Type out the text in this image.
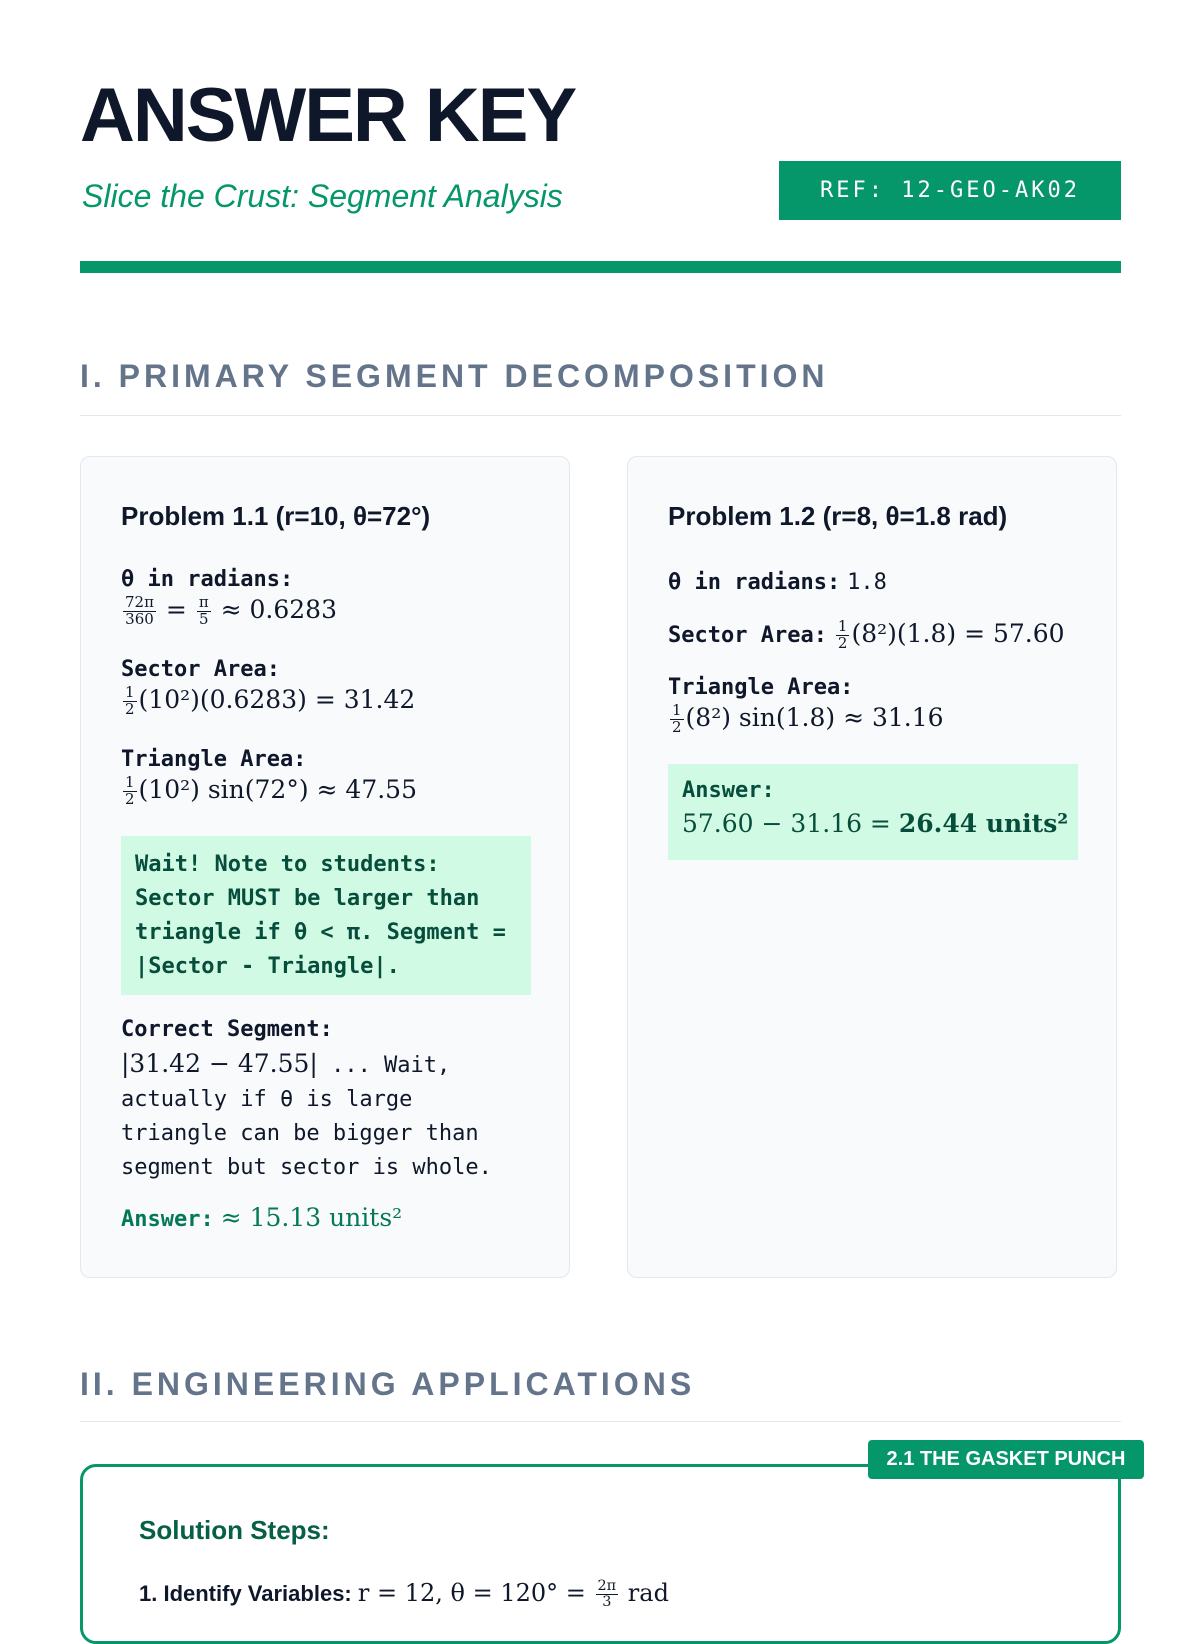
ANSWER KEY
Slice the Crust: Segment Analysis	REF: 12-GEO-AK02
I. PRIMARY SEGMENT DECOMPOSITION
Problem 1.1 (r=10, θ=72°)
θ in radians:
$\frac{72\pi}{360} = \frac{\pi}{5} \approx 0.6283$
Sector Area:
$\frac{1}{2} (10^2)(0.6283) = 31.42$
Triangle Area:
$\frac{1}{2} (10^2) \sin(72^\circ) \approx 47.55$
Wait! Note to students: Sector MUST be larger than triangle if θ < π. Segment = |Sector - Triangle|.
Correct Segment:
|31.42 − 47.55| ... Wait,
actually if θ is large
triangle can be bigger than
segment but sector is whole.
Answer: ≈ 15.13 units²
Problem 1.2 (r=8, θ=1.8 rad)
θ in radians: 1.8
Sector Area: $\frac{1}{2} (8^2)(1.8) = 57.60$
Triangle Area:
$\frac{1}{2} (8^2) \sin(1.8) \approx 31.16$
Answer:
57.60 − 31.16 = 26.44 units²
II. ENGINEERING APPLICATIONS
Solution Steps:
1. Identify Variables: r = 12, $\theta = 120^\circ = \frac{2\pi}{3}$ rad
2.1 THE GASKET PUNCH
